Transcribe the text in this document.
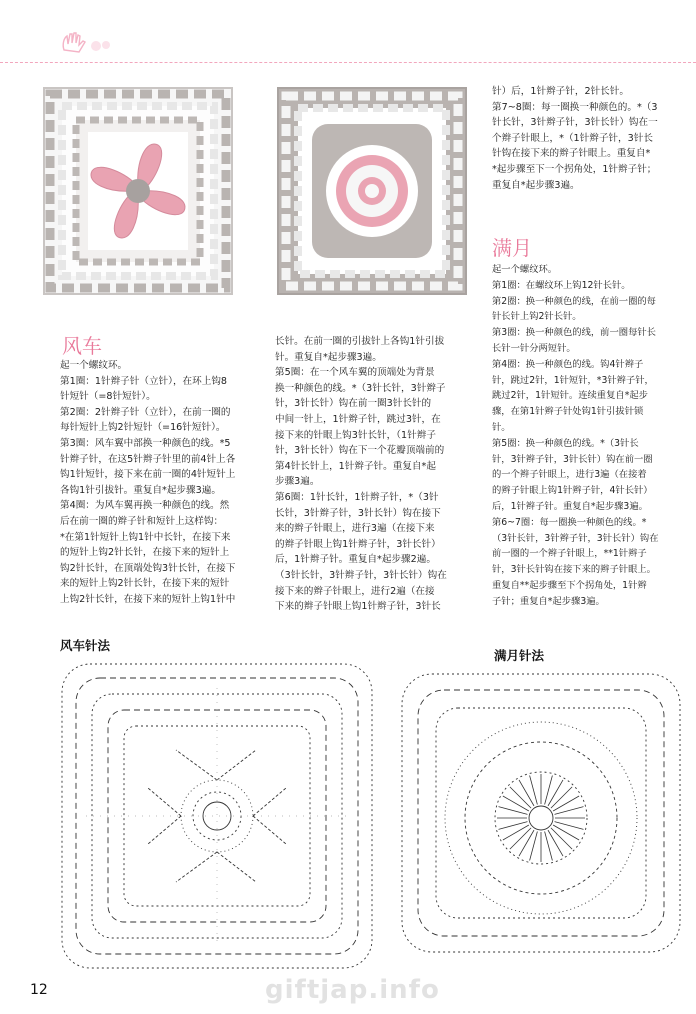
风车
满月

起一个螺纹环。

第1圈：1针辫子针（立针），在环上钩8

针短针（=8针短针）。

第2圈：2针辫子针（立针），在前一圈的

每针短针上钩2针短针（=16针短针）。

第3圈：风车翼中部换一种颜色的线。*5

针辫子针，在这5针辫子针里的前4针上各

钩1针短针，接下来在前一圈的4针短针上

各钩1针引拔针。重复自*起步骤3遍。

第4圈：为风车翼再换一种颜色的线。然

后在前一圈的辫子针和短针上这样钩：

*在第1针短针上钩1针中长针，在接下来

的短针上钩2针长针，在接下来的短针上

钩2针长针，在顶端处钩3针长针，在接下

来的短针上钩2针长针，在接下来的短针

上钩2针长针，在接下来的短针上钩1针中

长针。在前一圈的引拔针上各钩1针引拔

针。重复自*起步骤3遍。

第5圈：在一个风车翼的顶端处为背景

换一种颜色的线。*（3针长针，3针辫子

针，3针长针）钩在前一圈3针长针的

中间一针上，1针辫子针，跳过3针，在

接下来的针眼上钩3针长针，（1针辫子

针，3针长针）钩在下一个花瓣顶端前的

第4针长针上，1针辫子针。重复自*起

步骤3遍。

第6圈：1针长针，1针辫子针，*（3针

长针，3针辫子针，3针长针）钩在接下

来的辫子针眼上，进行3遍（在接下来

的辫子针眼上钩1针辫子针，3针长针）

后，1针辫子针。重复自*起步骤2遍。

（3针长针，3针辫子针，3针长针）钩在

接下来的辫子针眼上，进行2遍（在接

下来的辫子针眼上钩1针辫子针，3针长

针）后，1针辫子针，2针长针。

第7~8圈：每一圈换一种颜色的。*（3

针长针，3针辫子针，3针长针）钩在一

个辫子针眼上，*（1针辫子针，3针长

针钩在接下来的辫子针眼上。重复自*

*起步骤至下一个拐角处，1针辫子针；

重复自*起步骤3遍。

起一个螺纹环。

第1圈：在螺纹环上钩12针长针。

第2圈：换一种颜色的线，在前一圈的每

针长针上钩2针长针。

第3圈：换一种颜色的线，前一圈每针长

长针一针分两短针。

第4圈：换一种颜色的线。钩4针辫子

针，跳过2针，1针短针，*3针辫子针，

跳过2针，1针短针。连续重复自*起步

骤，在第1针辫子针处钩1针引拔针锁

针。

第5圈：换一种颜色的线。*（3针长

针，3针辫子针，3针长针）钩在前一圈

的一个辫子针眼上，进行3遍（在接着

的辫子针眼上钩1针辫子针，4针长针）

后，1针辫子针。重复自*起步骤3遍。

第6~7圈：每一圈换一种颜色的线。*

（3针长针，3针辫子针，3针长针）钩在

前一圈的一个辫子针眼上，**1针辫子

针，3针长针钩在接下来的辫子针眼上。

重复自**起步骤至下个拐角处，1针辫

子针；重复自*起步骤3遍。

风车针法
满月针法
12	giftjap.info
